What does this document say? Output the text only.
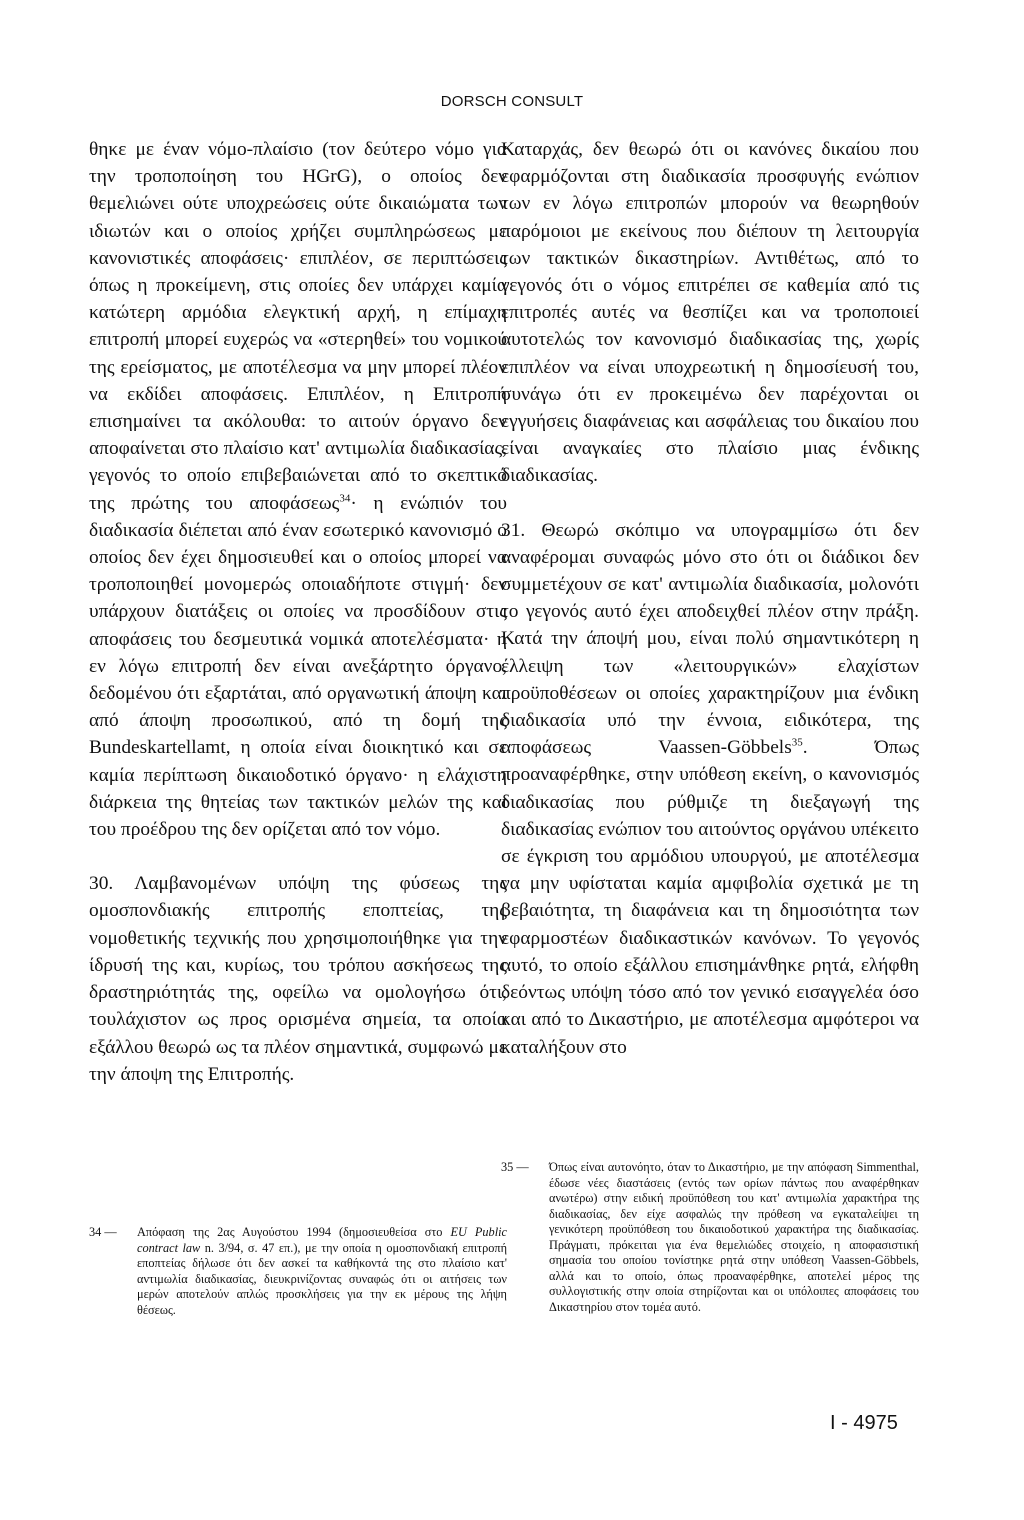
DORSCH CONSULT

θηκε με έναν νόμο-πλαίσιο (τον δεύτερο νόμο για την τροποποίηση του HGrG), ο οποίος δεν θεμελιώνει ούτε υποχρεώσεις ούτε δικαιώματα των ιδιωτών και ο οποίος χρήζει συμπληρώσεως με κανονιστικές αποφάσεις· επιπλέον, σε περιπτώσεις όπως η προκείμενη, στις οποίες δεν υπάρχει καμία κατώτερη αρμόδια ελεγκτική αρχή, η επίμαχη επιτροπή μπορεί ευχερώς να «στερηθεί» του νομικού της ερείσματος, με αποτέλεσμα να μην μπορεί πλέον να εκδίδει αποφάσεις. Επιπλέον, η Επιτροπή επισημαίνει τα ακόλουθα: το αιτούν όργανο δεν αποφαίνεται στο πλαίσιο κατ' αντιμωλία διαδικασίας, γεγονός το οποίο επιβεβαιώνεται από το σκεπτικό της πρώτης του αποφάσεως$^{34}$· η ενώπιόν του διαδικασία διέπεται από έναν εσωτερικό κανονισμό ο οποίος δεν έχει δημοσιευθεί και ο οποίος μπορεί να τροποποιηθεί μονομερώς οποιαδήποτε στιγμή· δεν υπάρχουν διατάξεις οι οποίες να προσδίδουν στις αποφάσεις του δεσμευτικά νομικά αποτελέσματα· η εν λόγω επιτροπή δεν είναι ανεξάρτητο όργανο, δεδομένου ότι εξαρτάται, από οργανωτική άποψη και από άποψη προσωπικού, από τη δομή της Bundeskartellamt, η οποία είναι διοικητικό και σε καμία περίπτωση δικαιοδοτικό όργανο· η ελάχιστη διάρκεια της θητείας των τακτικών μελών της και του προέδρου της δεν ορίζεται από τον νόμο.

30. Λαμβανομένων υπόψη της φύσεως της ομοσπονδιακής επιτροπής εποπτείας, της νομοθετικής τεχνικής που χρησιμοποιήθηκε για την ίδρυσή της και, κυρίως, του τρόπου ασκήσεως της δραστηριότητάς της, οφείλω να ομολογήσω ότι, τουλάχιστον ως προς ορισμένα σημεία, τα οποία εξάλλου θεωρώ ως τα πλέον σημαντικά, συμφωνώ με την άποψη της Επιτροπής.

Καταρχάς, δεν θεωρώ ότι οι κανόνες δικαίου που εφαρμόζονται στη διαδικασία προσφυγής ενώπιον των εν λόγω επιτροπών μπορούν να θεωρηθούν παρόμοιοι με εκείνους που διέπουν τη λειτουργία των τακτικών δικαστηρίων. Αντιθέτως, από το γεγονός ότι ο νόμος επιτρέπει σε καθεμία από τις επιτροπές αυτές να θεσπίζει και να τροποποιεί αυτοτελώς τον κανονισμό διαδικασίας της, χωρίς επιπλέον να είναι υποχρεωτική η δημοσίευσή του, συνάγω ότι εν προκειμένω δεν παρέχονται οι εγγυήσεις διαφάνειας και ασφάλειας του δικαίου που είναι αναγκαίες στο πλαίσιο μιας ένδικης διαδικασίας.

31. Θεωρώ σκόπιμο να υπογραμμίσω ότι δεν αναφέρομαι συναφώς μόνο στο ότι οι διάδικοι δεν συμμετέχουν σε κατ' αντιμωλία διαδικασία, μολονότι το γεγονός αυτό έχει αποδειχθεί πλέον στην πράξη. Κατά την άποψή μου, είναι πολύ σημαντικότερη η έλλειψη των «λειτουργικών» ελαχίστων προϋποθέσεων οι οποίες χαρακτηρίζουν μια ένδικη διαδικασία υπό την έννοια, ειδικότερα, της αποφάσεως Vaassen-Göbbels$^{35}$. Όπως προαναφέρθηκε, στην υπόθεση εκείνη, ο κανονισμός διαδικασίας που ρύθμιζε τη διεξαγωγή της διαδικασίας ενώπιον του αιτούντος οργάνου υπέκειτο σε έγκριση του αρμόδιου υπουργού, με αποτέλεσμα να μην υφίσταται καμία αμφιβολία σχετικά με τη βεβαιότητα, τη διαφάνεια και τη δημοσιότητα των εφαρμοστέων διαδικαστικών κανόνων. Το γεγονός αυτό, το οποίο εξάλλου επισημάνθηκε ρητά, ελήφθη δεόντως υπόψη τόσο από τον γενικό εισαγγελέα όσο και από το Δικαστήριο, με αποτέλεσμα αμφότεροι να καταλήξουν στο

34 —	Απόφαση της 2ας Αυγούστου 1994 (δημοσιευθείσα στο EU Public contract law n. 3/94, σ. 47 επ.), με την οποία η ομοσπονδιακή επιτροπή εποπτείας δήλωσε ότι δεν ασκεί τα καθήκοντά της στο πλαίσιο κατ' αντιμωλία διαδικασίας, διευκρινίζοντας συναφώς ότι οι αιτήσεις των μερών αποτελούν απλώς προσκλήσεις για την εκ μέρους της λήψη θέσεως.
35 —	Όπως είναι αυτονόητο, όταν το Δικαστήριο, με την απόφαση Simmenthal, έδωσε νέες διαστάσεις (εντός των ορίων πάντως που αναφέρθηκαν ανωτέρω) στην ειδική προϋπόθεση του κατ' αντιμωλία χαρακτήρα της διαδικασίας, δεν είχε ασφαλώς την πρόθεση να εγκαταλείψει τη γενικότερη προϋπόθεση του δικαιοδοτικού χαρακτήρα της διαδικασίας. Πράγματι, πρόκειται για ένα θεμελιώδες στοιχείο, η αποφασιστική σημασία του οποίου τονίστηκε ρητά στην υπόθεση Vaassen-Göbbels, αλλά και το οποίο, όπως προαναφέρθηκε, αποτελεί μέρος της συλλογιστικής στην οποία στηρίζονται και οι υπόλοιπες αποφάσεις του Δικαστηρίου στον τομέα αυτό.
I - 4975
